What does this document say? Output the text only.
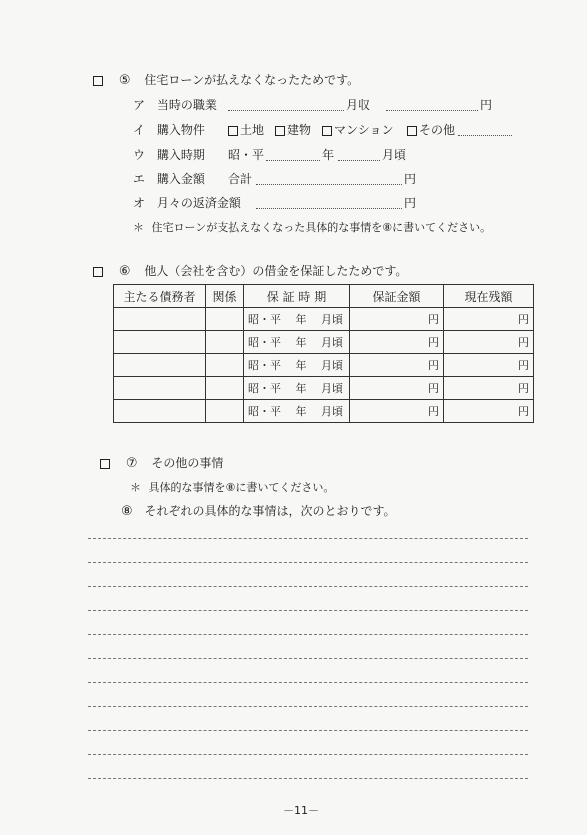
⑤ 住宅ローンが払えなくなったためです。
ア 当時の職業	月収	円
イ 購入物件	土地	建物	マンション	その他
ウ 購入時期 昭・平	年	月頃
エ 購入金額 合計	円
オ 月々の返済金額	円
＊ 住宅ローンが支払えなくなった具体的な事情を⑧に書いてください。
⑥ 他人（会社を含む）の借金を保証したためです。
主たる債務者	関係	保 証 時 期	保証金額	現在残額
		昭・平　 年　 月頃	円	円
		昭・平　 年　 月頃	円	円
		昭・平　 年　 月頃	円	円
		昭・平　 年　 月頃	円	円
		昭・平　 年　 月頃	円	円
⑦ その他の事情
＊ 具体的な事情を⑧に書いてください。
⑧ それぞれの具体的な事情は，次のとおりです。
－11－
